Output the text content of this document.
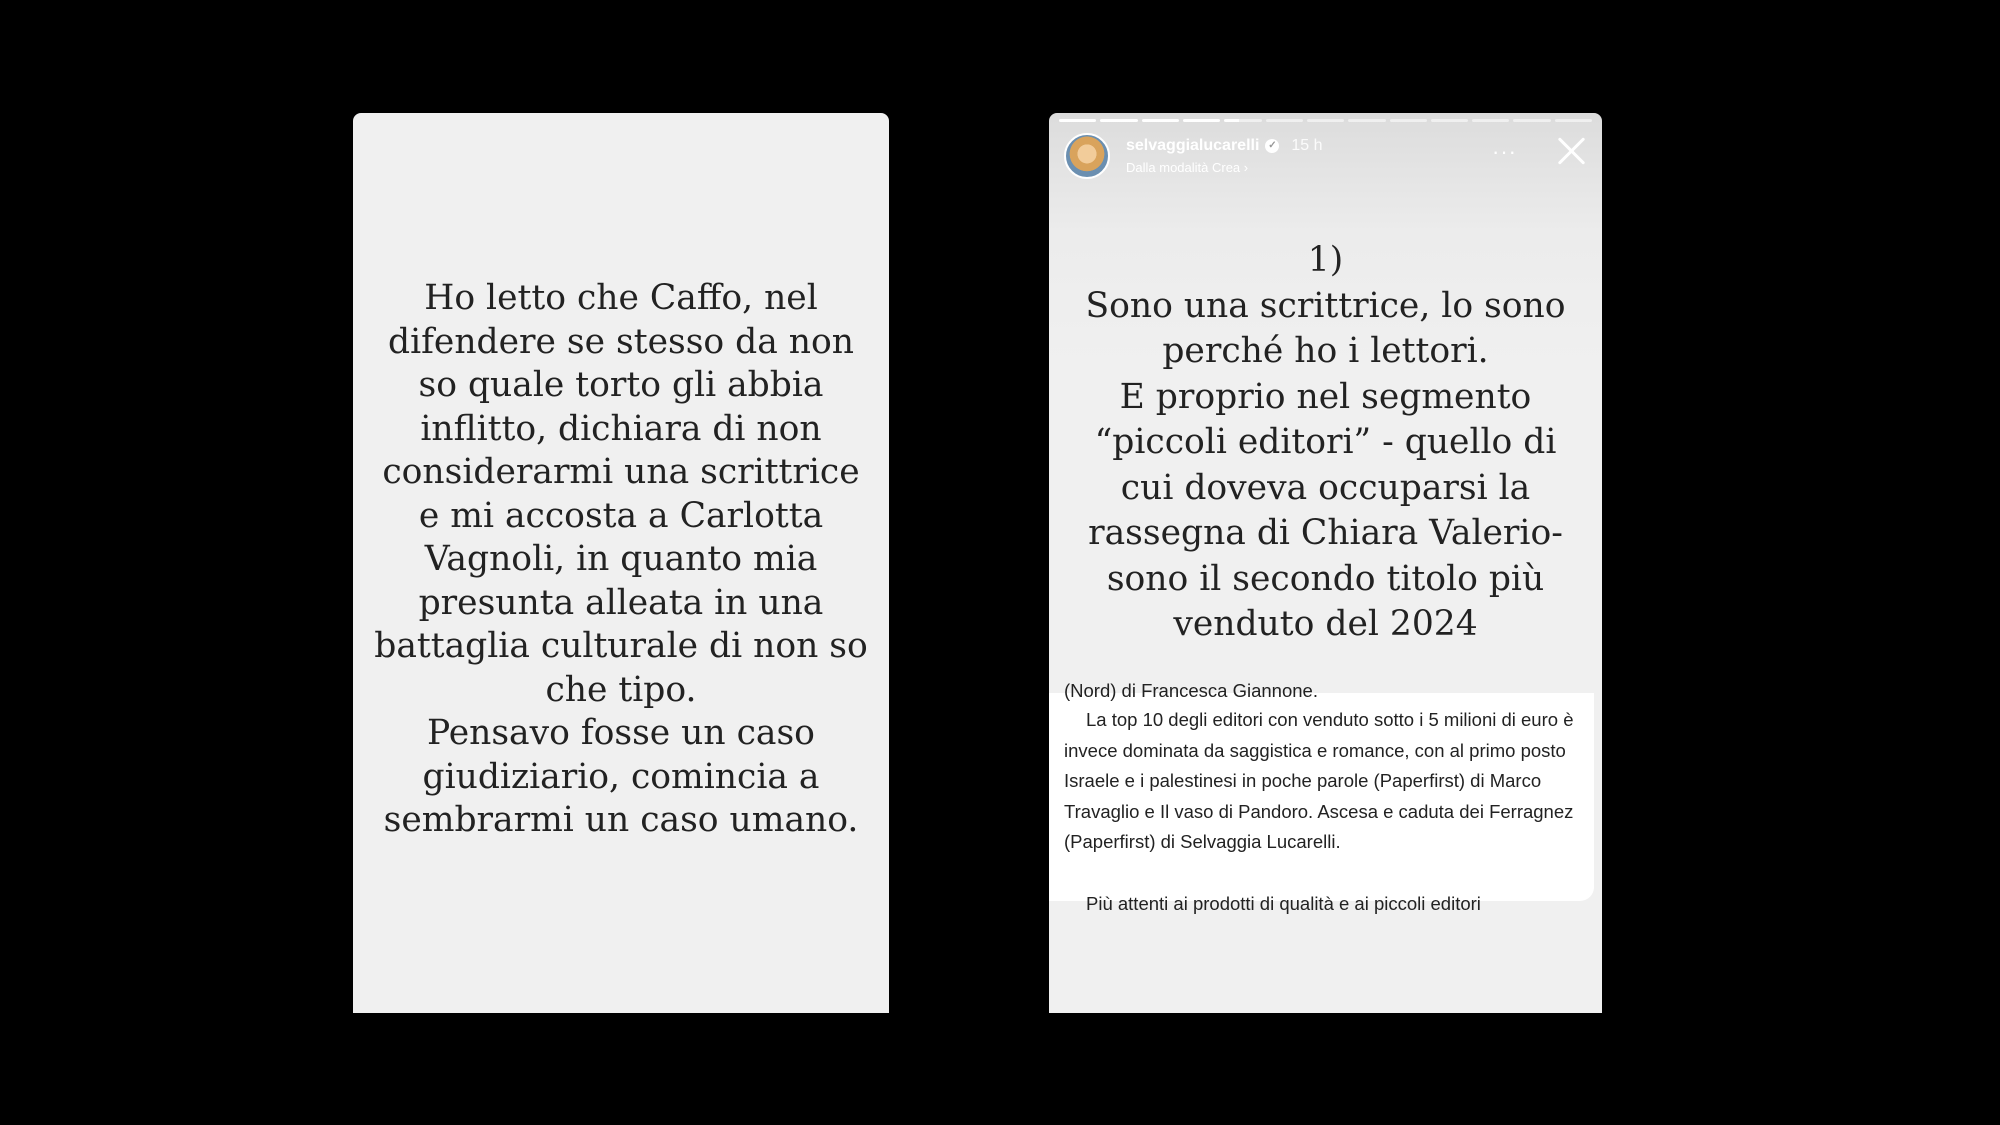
Ho letto che Caffo, nel difendere se stesso da non so quale torto gli abbia inflitto, dichiara di non considerarmi una scrittrice e mi accosta a Carlotta Vagnoli, in quanto mia presunta alleata in una battaglia culturale di non so che tipo.

Pensavo fosse un caso giudiziario, comincia a sembrarmi un caso umano.

selvaggialucarelli ✓ 15 h
Dalla modalità Crea ›
···

1)

Sono una scrittrice, lo sono perché ho i lettori.

E proprio nel segmento “piccoli editori” - quello di cui doveva occuparsi la rassegna di Chiara Valerio- sono il secondo titolo più venduto del 2024

(Nord) di Francesca Giannone.
La top 10 degli editori con venduto sotto i 5 milioni di euro è invece dominata da saggistica e romance, con al primo posto Israele e i palestinesi in poche parole (Paperfirst) di Marco Travaglio e Il vaso di Pandoro. Ascesa e caduta dei Ferragnez (Paperfirst) di Selvaggia Lucarelli.
Più attenti ai prodotti di qualità e ai piccoli editori
